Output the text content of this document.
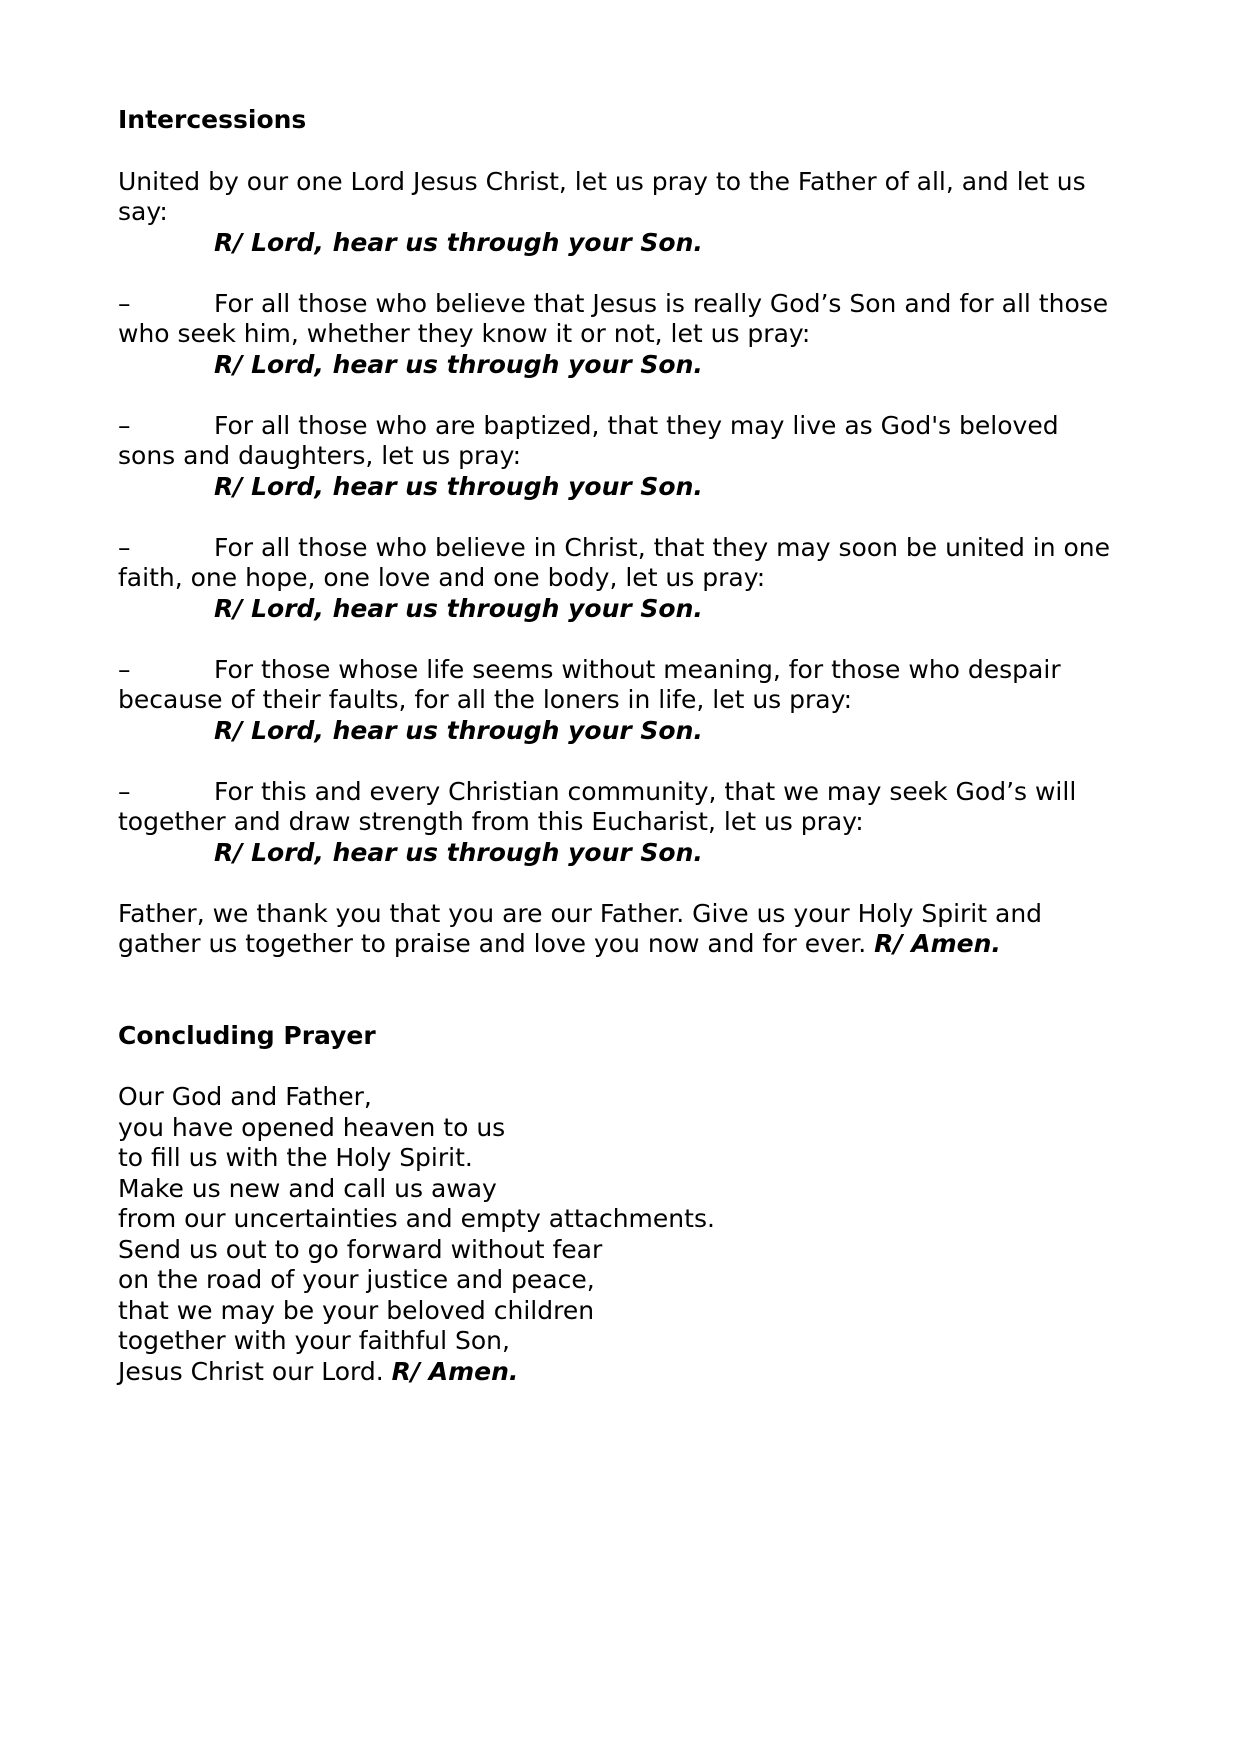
Intercessions

United by our one Lord Jesus Christ, let us pray to the Father of all, and let us
say:

R/ Lord, hear us through your Son.

–	For all those who believe that Jesus is really God’s Son and for all those

who seek him, whether they know it or not, let us pray:

R/ Lord, hear us through your Son.

–	For all those who are baptized, that they may live as God's beloved

sons and daughters, let us pray:

R/ Lord, hear us through your Son.

–	For all those who believe in Christ, that they may soon be united in one

faith, one hope, one love and one body, let us pray:

R/ Lord, hear us through your Son.

–	For those whose life seems without meaning, for those who despair

because of their faults, for all the loners in life, let us pray:

R/ Lord, hear us through your Son.

–	For this and every Christian community, that we may seek God’s will

together and draw strength from this Eucharist, let us pray:

R/ Lord, hear us through your Son.

Father, we thank you that you are our Father. Give us your Holy Spirit and
gather us together to praise and love you now and for ever. R/ Amen.

Concluding Prayer

Our God and Father,
you have opened heaven to us
to fill us with the Holy Spirit.
Make us new and call us away
from our uncertainties and empty attachments.
Send us out to go forward without fear
on the road of your justice and peace,
that we may be your beloved children
together with your faithful Son,
Jesus Christ our Lord. R/ Amen.
